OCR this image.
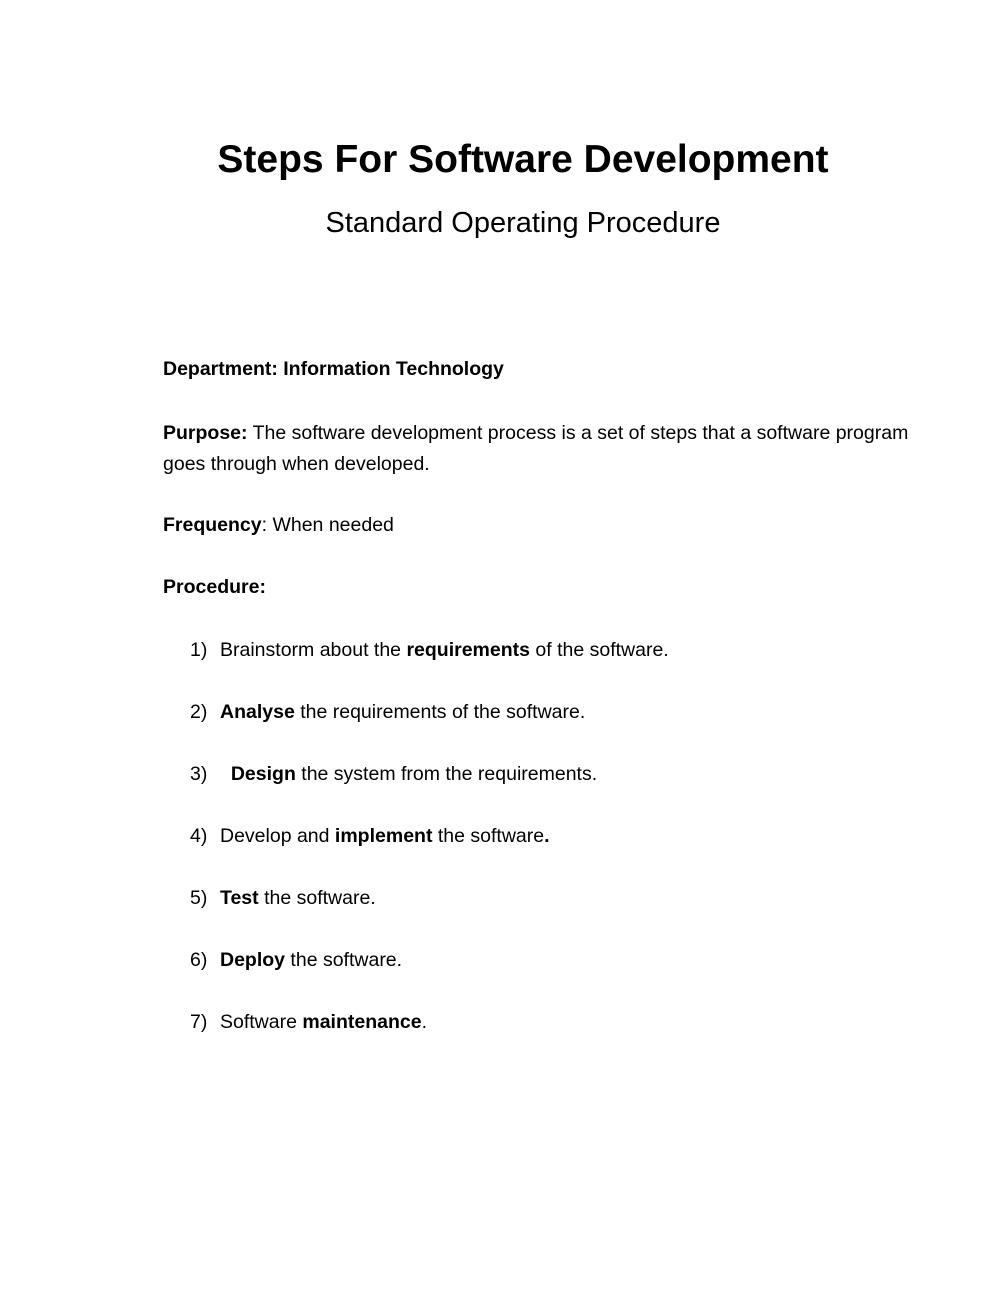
Steps For Software Development
Standard Operating Procedure

Department: Information Technology

Purpose: The software development process is a set of steps that a software program
goes through when developed.

Frequency: When needed

Procedure:

1) Brainstorm about the requirements of the software.
2) Analyse the requirements of the software.
3) Design the system from the requirements.
4) Develop and implement the software.
5) Test the software.
6) Deploy the software.
7) Software maintenance.
